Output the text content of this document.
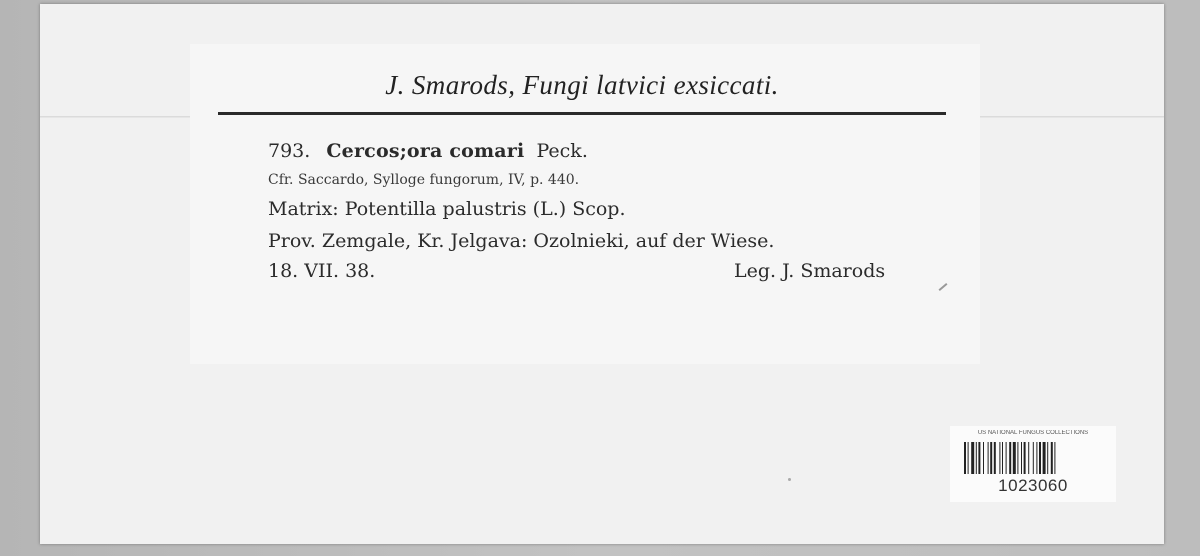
J. Smarods, Fungi latvici exsiccati.
793. Cercos;ora comari Peck.
Cfr. Saccardo, Sylloge fungorum, IV, p. 440.
Matrix: Potentilla palustris (L.) Scop.
Prov. Zemgale, Kr. Jelgava: Ozolnieki, auf der Wiese.
18. VII. 38.	Leg. J. Smarods
US NATIONAL FUNGUS COLLECTIONS
1023060
